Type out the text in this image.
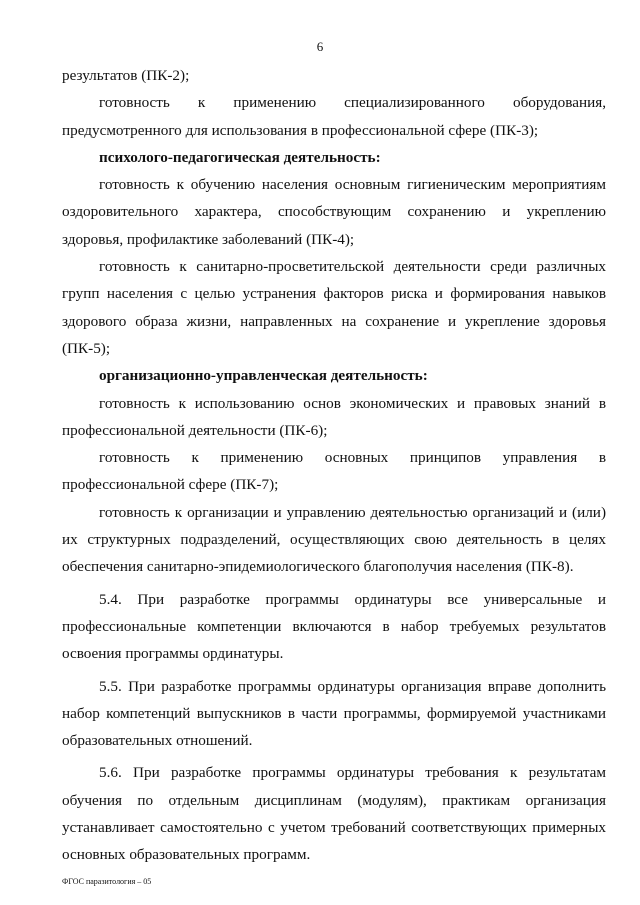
6

результатов (ПК-2);

готовность к применению специализированного оборудования, предусмотренного для использования в профессиональной сфере (ПК-3);

психолого-педагогическая деятельность:

готовность к обучению населения основным гигиеническим мероприятиям оздоровительного характера, способствующим сохранению и укреплению здоровья, профилактике заболеваний (ПК-4);

готовность к санитарно-просветительской деятельности среди различных групп населения с целью устранения факторов риска и формирования навыков здорового образа жизни, направленных на сохранение и укрепление здоровья (ПК-5);

организационно-управленческая деятельность:

готовность к использованию основ экономических и правовых знаний в профессиональной деятельности (ПК-6);

готовность к применению основных принципов управления в профессиональной сфере (ПК-7);

готовность к организации и управлению деятельностью организаций и (или) их структурных подразделений, осуществляющих свою деятельность в целях обеспечения санитарно-эпидемиологического благополучия населения (ПК-8).

5.4. При разработке программы ординатуры все универсальные и профессиональные компетенции включаются в набор требуемых результатов освоения программы ординатуры.

5.5. При разработке программы ординатуры организация вправе дополнить набор компетенций выпускников в части программы, формируемой участниками образовательных отношений.

5.6. При разработке программы ординатуры требования к результатам обучения по отдельным дисциплинам (модулям), практикам организация устанавливает самостоятельно с учетом требований соответствующих примерных основных образовательных программ.

ФГОС паразитология – 05
